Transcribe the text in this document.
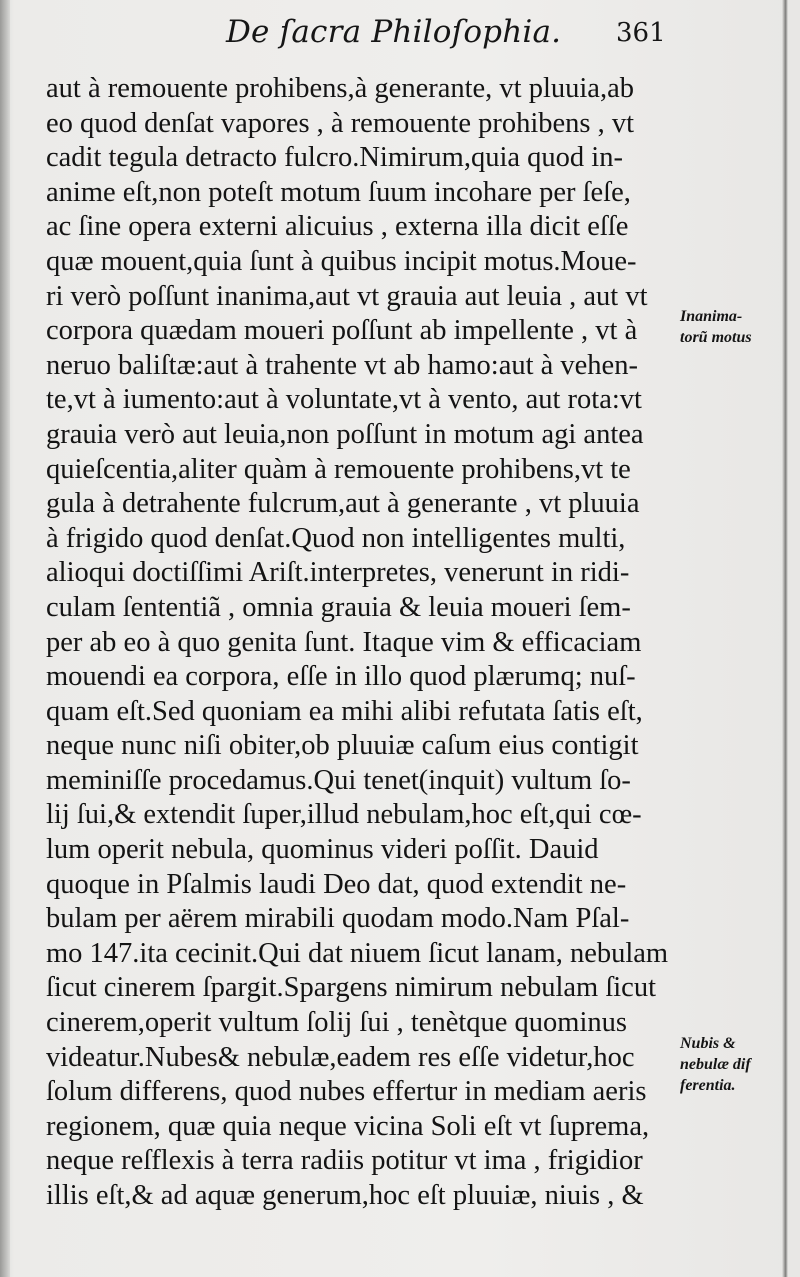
De ſacra Philoſophia. 361
aut à remouente prohibens,à generante, vt pluuia,ab
eo quod denſat vapores , à remouente prohibens , vt
cadit tegula detracto fulcro.Nimirum,quia quod in-
anime eſt,non poteſt motum ſuum incohare per ſeſe,
ac ſine opera externi alicuius , externa illa dicit eſſe
quæ mouent,quia ſunt à quibus incipit motus.Moue-
ri verò poſſunt inanima,aut vt grauia aut leuia , aut vt
corpora quædam moueri poſſunt ab impellente , vt à
neruo baliſtæ:aut à trahente vt ab hamo:aut à vehen-
te,vt à iumento:aut à voluntate,vt à vento, aut rota:vt
grauia verò aut leuia,non poſſunt in motum agi antea
quieſcentia,aliter quàm à remouente prohibens,vt te
gula à detrahente fulcrum,aut à generante , vt pluuia
à frigido quod denſat.Quod non intelligentes multi,
alioqui doctiſſimi Ariſt.interpretes, venerunt in ridi-
culam ſententiã , omnia grauia & leuia moueri ſem-
per ab eo à quo genita ſunt. Itaque vim & efficaciam
mouendi ea corpora, eſſe in illo quod plærumq; nuſ-
quam eſt.Sed quoniam ea mihi alibi refutata ſatis eſt,
neque nunc niſi obiter,ob pluuiæ caſum eius contigit
meminiſſe procedamus.Qui tenet(inquit) vultum ſo-
lij ſui,& extendit ſuper,illud nebulam,hoc eſt,qui cœ-
lum operit nebula, quominus videri poſſit. Dauid
quoque in Pſalmis laudi Deo dat, quod extendit ne-
bulam per aërem mirabili quodam modo.Nam Pſal-
mo 147.ita cecinit.Qui dat niuem ſicut lanam, nebulam
ſicut cinerem ſpargit.Spargens nimirum nebulam ſicut
cinerem,operit vultum ſolij ſui , tenètque quominus
videatur.Nubes& nebulæ,eadem res eſſe videtur,hoc
ſolum differens, quod nubes effertur in mediam aeris
regionem, quæ quia neque vicina Soli eſt vt ſuprema,
neque reſflexis à terra radiis potitur vt ima , frigidior
illis eſt,& ad aquæ generum,hoc eſt pluuiæ, niuis , &
Inanima-
torũ motus
Nubis &
nebulæ dif
ferentia.
